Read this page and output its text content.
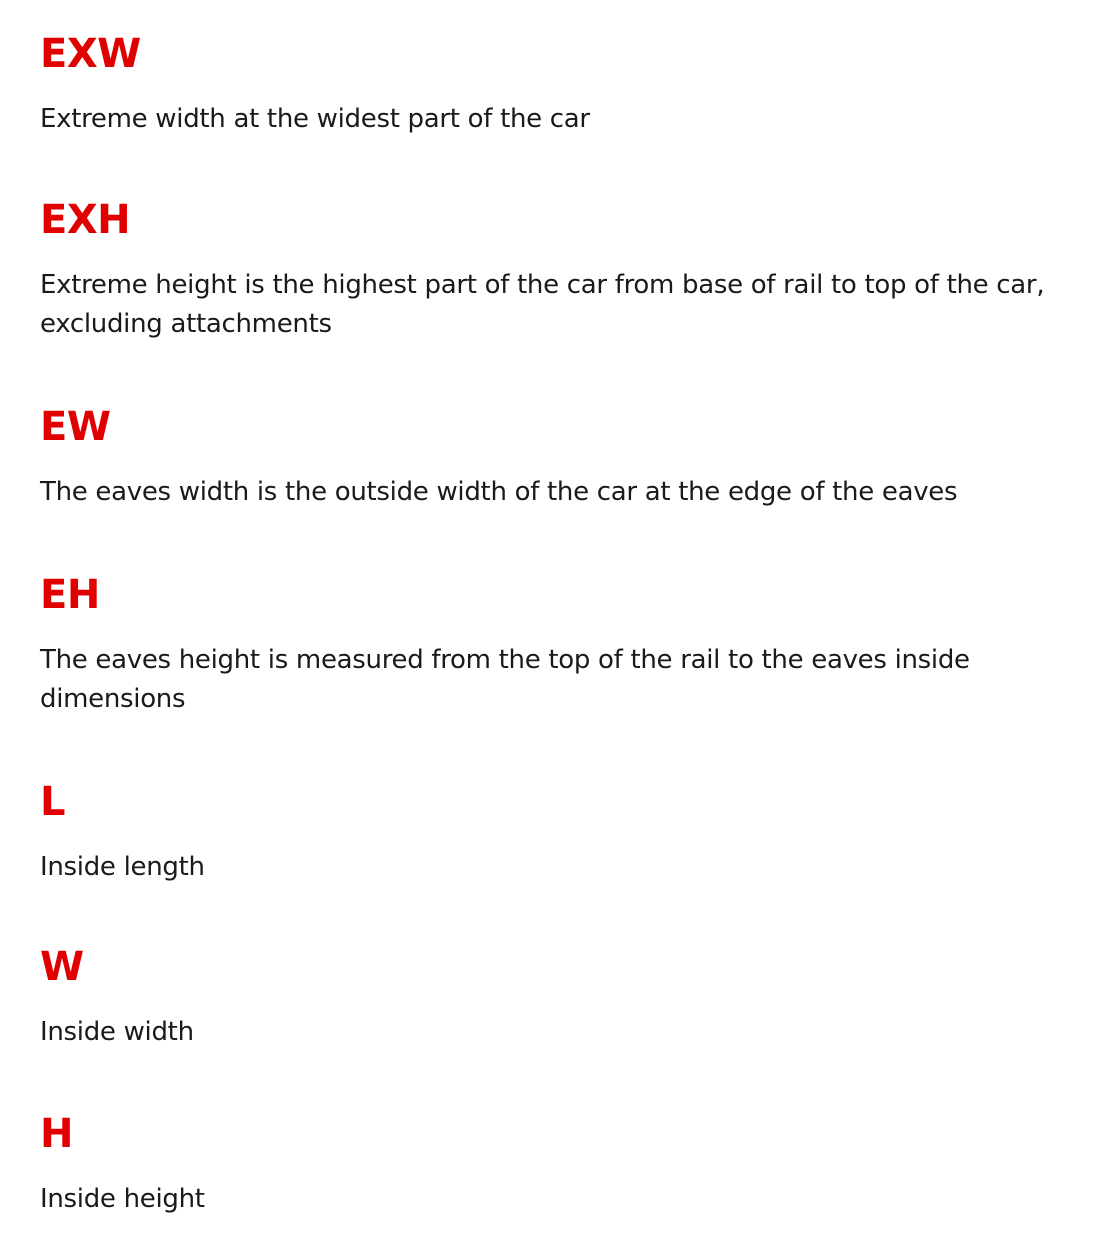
EXW

Extreme width at the widest part of the car

EXH

Extreme height is the highest part of the car from base of rail to top of the car, excluding attachments

EW

The eaves width is the outside width of the car at the edge of the eaves

EH

The eaves height is measured from the top of the rail to the eaves inside dimensions

L

Inside length

W

Inside width

H

Inside height
